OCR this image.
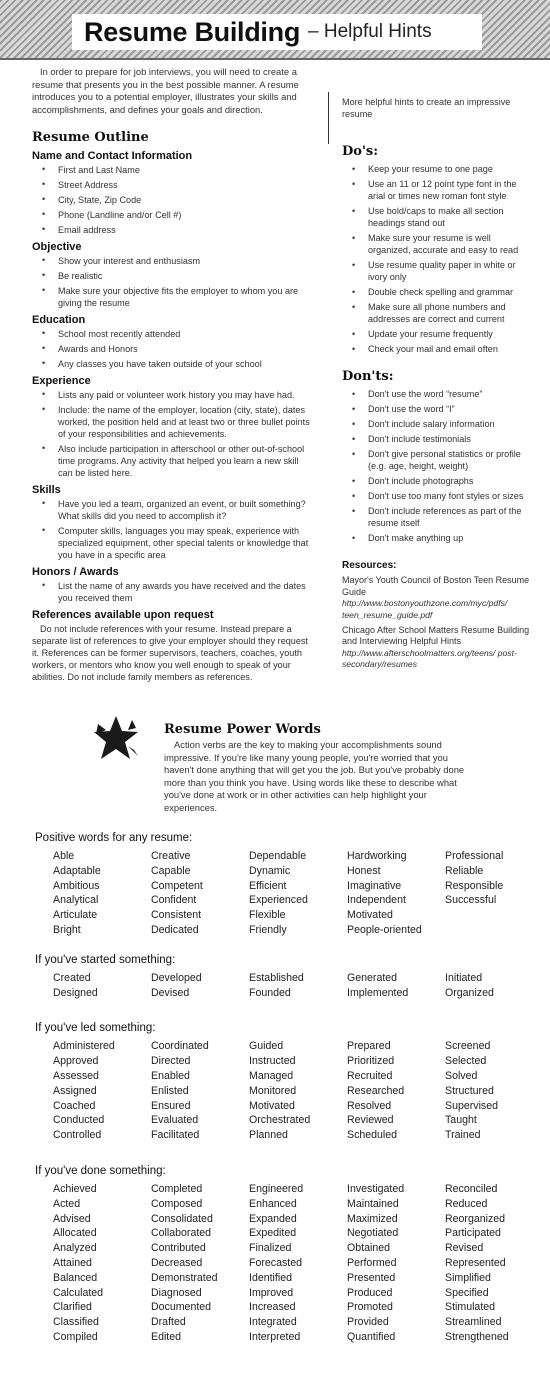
Resume Building – Helpful Hints

In order to prepare for job interviews, you will need to create a resume that presents you in the best possible manner. A resume introduces you to a potential employer, illustrates your skills and accomplishments, and defines your goals and direction.

Resume Outline
Name and Contact Information
• First and Last Name
• Street Address
• City, State, Zip Code
• Phone (Landline and/or Cell #)
• Email address
Objective
• Show your interest and enthusiasm
• Be realistic
• Make sure your objective fits the employer to whom you are giving the resume
Education
• School most recently attended
• Awards and Honors
• Any classes you have taken outside of your school
Experience
• Lists any paid or volunteer work history you may have had.
• Include: the name of the employer, location (city, state), dates worked, the position held and at least two or three bullet points of your responsibilities and achievements.
• Also include participation in afterschool or other out-of-school time programs. Any activity that helped you learn a new skill can be listed here.
Skills
• Have you led a team, organized an event, or built something? What skills did you need to accomplish it?
• Computer skills, languages you may speak, experience with specialized equipment, other special talents or knowledge that you have in a specific area
Honors / Awards
• List the name of any awards you have received and the dates you received them
References available upon request

Do not include references with your resume. Instead prepare a separate list of references to give your employer should they request it. References can be former supervisors, teachers, coaches, youth workers, or mentors who know you well enough to speak of your abilities. Do not include family members as references.

More helpful hints to create an impressive resume

Do's:
• Keep your resume to one page
• Use an 11 or 12 point type font in the arial or times new roman font style
• Use bold/caps to make all section headings stand out
• Make sure your resume is well organized, accurate and easy to read
• Use resume quality paper in white or ivory only
• Double check spelling and grammar
• Make sure all phone numbers and addresses are correct and current
• Update your resume frequently
• Check your mail and email often
Don'ts:
• Don't use the word “resume”
• Don't use the word “I”
• Don't include salary information
• Don't include testimonials
• Don't give personal statistics or profile (e.g. age, height, weight)
• Don't include photographs
• Don't use too many font styles or sizes
• Don't include references as part of the resume itself
• Don't make anything up
Resources:
Mayor's Youth Council of Boston Teen Resume Guide
http://www.bostonyouthzone.com/myc/pdfs/ teen_resume_guide.pdf
Chicago After School Matters Resume Building and Interviewing Helpful Hints
http://www.afterschoolmatters.org/teens/ post-secondary/resumes
Resume Power Words

Action verbs are the key to making your accomplishments sound impressive. If you're like many young people, you're worried that you haven't done anything that will get you the job. But you've probably done more than you think you have. Using words like these to describe what you've done at work or in other activities can help highlight your experiences.

Positive words for any resume:
Able	Creative	Dependable	Hardworking	Professional
Adaptable	Capable	Dynamic	Honest	Reliable
Ambitious	Competent	Efficient	Imaginative	Responsible
Analytical	Confident	Experienced	Independent	Successful
Articulate	Consistent	Flexible	Motivated
Bright	Dedicated	Friendly	People-oriented
If you've started something:
Created	Developed	Established	Generated	Initiated
Designed	Devised	Founded	Implemented	Organized
If you've led something:
Administered	Coordinated	Guided	Prepared	Screened
Approved	Directed	Instructed	Prioritized	Selected
Assessed	Enabled	Managed	Recruited	Solved
Assigned	Enlisted	Monitored	Researched	Structured
Coached	Ensured	Motivated	Resolved	Supervised
Conducted	Evaluated	Orchestrated	Reviewed	Taught
Controlled	Facilitated	Planned	Scheduled	Trained
If you've done something:
Achieved	Completed	Engineered	Investigated	Reconciled
Acted	Composed	Enhanced	Maintained	Reduced
Advised	Consolidated	Expanded	Maximized	Reorganized
Allocated	Collaborated	Expedited	Negotiated	Participated
Analyzed	Contributed	Finalized	Obtained	Revised
Attained	Decreased	Forecasted	Performed	Represented
Balanced	Demonstrated	Identified	Presented	Simplified
Calculated	Diagnosed	Improved	Produced	Specified
Clarified	Documented	Increased	Promoted	Stimulated
Classified	Drafted	Integrated	Provided	Streamlined
Compiled	Edited	Interpreted	Quantified	Strengthened
